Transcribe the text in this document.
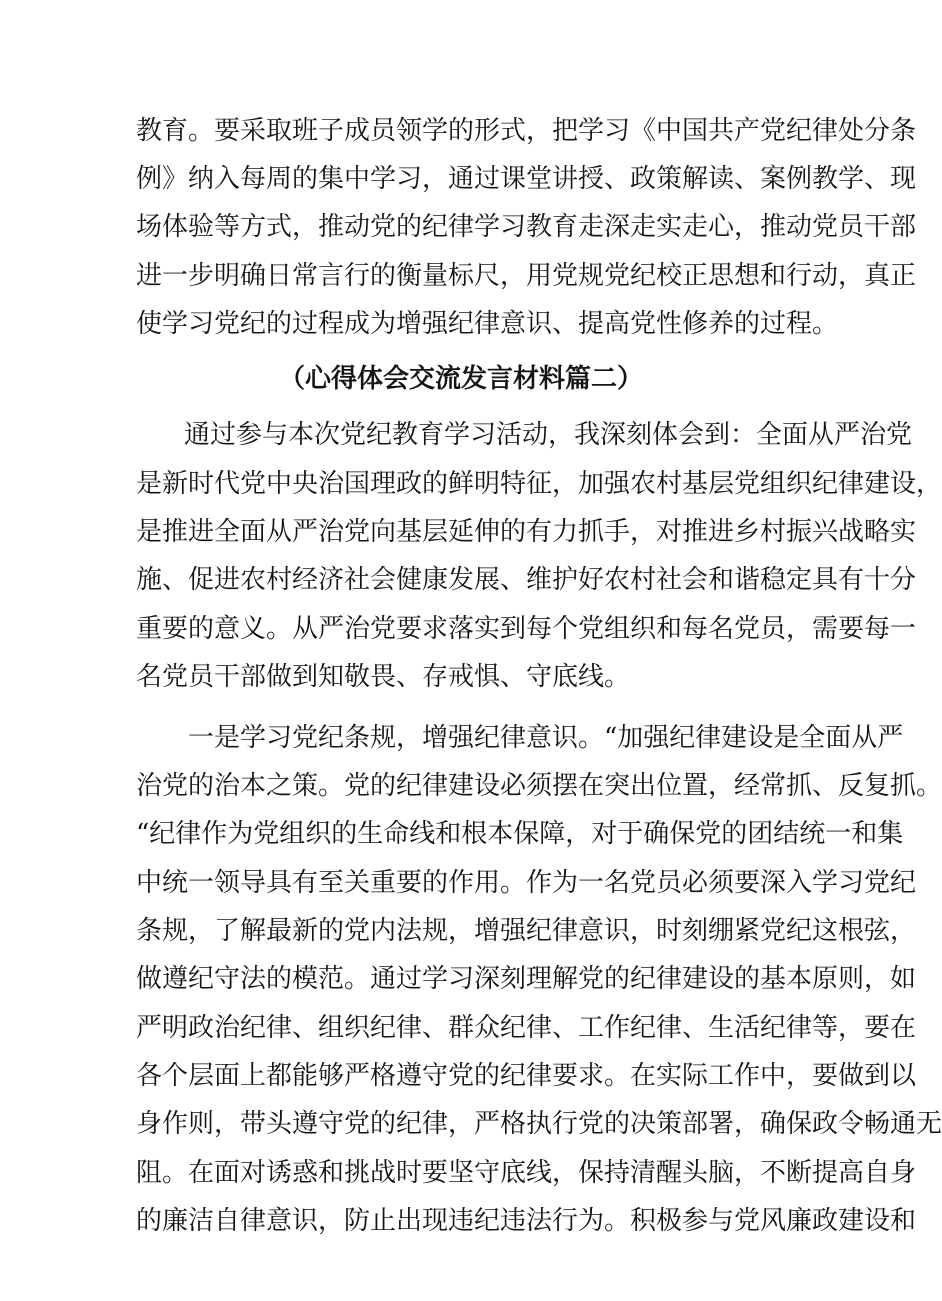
教育。要采取班子成员领学的形式，把学习《中国共产党纪律处分条
例》纳入每周的集中学习，通过课堂讲授、政策解读、案例教学、现
场体验等方式，推动党的纪律学习教育走深走实走心，推动党员干部
进一步明确日常言行的衡量标尺，用党规党纪校正思想和行动，真正
使学习党纪的过程成为增强纪律意识、提高党性修养的过程。
（心得体会交流发言材料篇二）
通过参与本次党纪教育学习活动，我深刻体会到：全面从严治党
是新时代党中央治国理政的鲜明特征，加强农村基层党组织纪律建设，
是推进全面从严治党向基层延伸的有力抓手，对推进乡村振兴战略实
施、促进农村经济社会健康发展、维护好农村社会和谐稳定具有十分
重要的意义。从严治党要求落实到每个党组织和每名党员，需要每一
名党员干部做到知敬畏、存戒惧、守底线。
一是学习党纪条规，增强纪律意识。“加强纪律建设是全面从严
治党的治本之策。党的纪律建设必须摆在突出位置，经常抓、反复抓。
“纪律作为党组织的生命线和根本保障，对于确保党的团结统一和集
中统一领导具有至关重要的作用。作为一名党员必须要深入学习党纪
条规，了解最新的党内法规，增强纪律意识，时刻绷紧党纪这根弦，
做遵纪守法的模范。通过学习深刻理解党的纪律建设的基本原则，如
严明政治纪律、组织纪律、群众纪律、工作纪律、生活纪律等，要在
各个层面上都能够严格遵守党的纪律要求。在实际工作中，要做到以
身作则，带头遵守党的纪律，严格执行党的决策部署，确保政令畅通无
阻。在面对诱惑和挑战时要坚守底线，保持清醒头脑，不断提高自身
的廉洁自律意识，防止出现违纪违法行为。积极参与党风廉政建设和
